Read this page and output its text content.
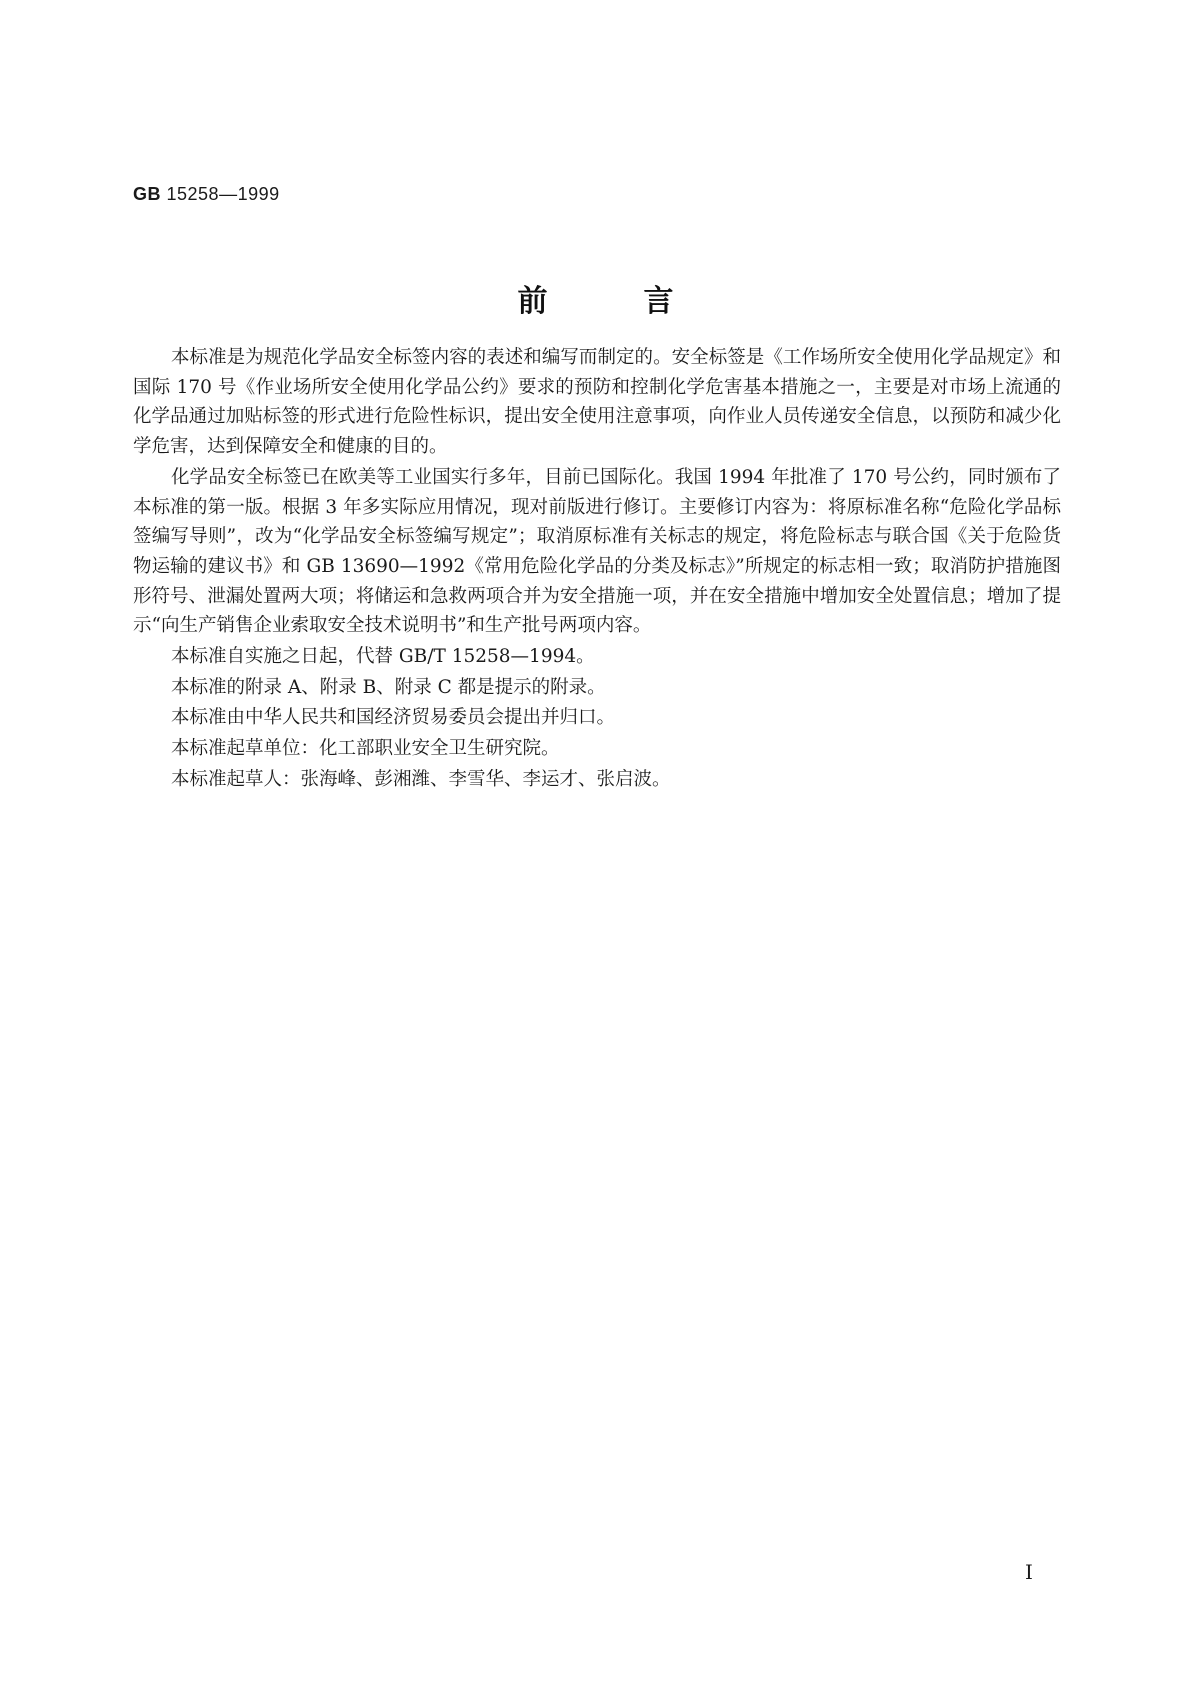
GB 15258—1999
前言

本标准是为规范化学品安全标签内容的表述和编写而制定的。安全标签是《工作场所安全使用化学品规定》和国际 170 号《作业场所安全使用化学品公约》要求的预防和控制化学危害基本措施之一，主要是对市场上流通的化学品通过加贴标签的形式进行危险性标识，提出安全使用注意事项，向作业人员传递安全信息，以预防和减少化学危害，达到保障安全和健康的目的。

化学品安全标签已在欧美等工业国实行多年，目前已国际化。我国 1994 年批准了 170 号公约，同时颁布了本标准的第一版。根据 3 年多实际应用情况，现对前版进行修订。主要修订内容为：将原标准名称“危险化学品标签编写导则”，改为“化学品安全标签编写规定”；取消原标准有关标志的规定，将危险标志与联合国《关于危险货物运输的建议书》和 GB 13690—1992《常用危险化学品的分类及标志》”所规定的标志相一致；取消防护措施图形符号、泄漏处置两大项；将储运和急救两项合并为安全措施一项，并在安全措施中增加安全处置信息；增加了提示“向生产销售企业索取安全技术说明书”和生产批号两项内容。

本标准自实施之日起，代替 GB/T 15258—1994。

本标准的附录 A、附录 B、附录 C 都是提示的附录。

本标准由中华人民共和国经济贸易委员会提出并归口。

本标准起草单位：化工部职业安全卫生研究院。

本标准起草人：张海峰、彭湘潍、李雪华、李运才、张启波。

I
